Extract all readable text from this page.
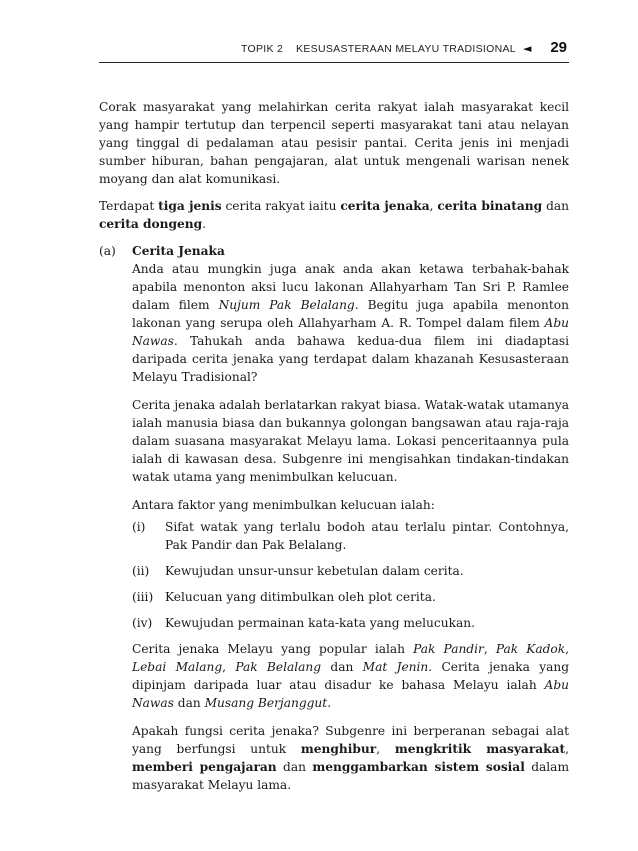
TOPIK 2    KESUSASTERAAN MELAYU TRADISIONAL ◄ 29

Corak masyarakat yang melahirkan cerita rakyat ialah masyarakat kecil yang hampir tertutup dan terpencil seperti masyarakat tani atau nelayan yang tinggal di pedalaman atau pesisir pantai. Cerita jenis ini menjadi sumber hiburan, bahan pengajaran, alat untuk mengenali warisan nenek moyang dan alat komunikasi.

Terdapat tiga jenis cerita rakyat iaitu cerita jenaka, cerita binatang dan cerita dongeng.

(a) Cerita Jenaka

Anda atau mungkin juga anak anda akan ketawa terbahak-bahak apabila menonton aksi lucu lakonan Allahyarham Tan Sri P. Ramlee dalam filem Nujum Pak Belalang. Begitu juga apabila menonton lakonan yang serupa oleh Allahyarham A. R. Tompel dalam filem Abu Nawas. Tahukah anda bahawa kedua-dua filem ini diadaptasi daripada cerita jenaka yang terdapat dalam khazanah Kesusasteraan Melayu Tradisional?

Cerita jenaka adalah berlatarkan rakyat biasa. Watak-watak utamanya ialah manusia biasa dan bukannya golongan bangsawan atau raja-raja dalam suasana masyarakat Melayu lama. Lokasi penceritaannya pula ialah di kawasan desa. Subgenre ini mengisahkan tindakan-tindakan watak utama yang menimbulkan kelucuan.

Antara faktor yang menimbulkan kelucuan ialah:

(i) Sifat watak yang terlalu bodoh atau terlalu pintar. Contohnya, Pak Pandir dan Pak Belalang.
(ii) Kewujudan unsur-unsur kebetulan dalam cerita.
(iii) Kelucuan yang ditimbulkan oleh plot cerita.
(iv) Kewujudan permainan kata-kata yang melucukan.

Cerita jenaka Melayu yang popular ialah Pak Pandir, Pak Kadok, Lebai Malang, Pak Belalang dan Mat Jenin. Cerita jenaka yang dipinjam daripada luar atau disadur ke bahasa Melayu ialah Abu Nawas dan Musang Berjanggut.

Apakah fungsi cerita jenaka? Subgenre ini berperanan sebagai alat yang berfungsi untuk menghibur, mengkritik masyarakat, memberi pengajaran dan menggambarkan sistem sosial dalam masyarakat Melayu lama.
